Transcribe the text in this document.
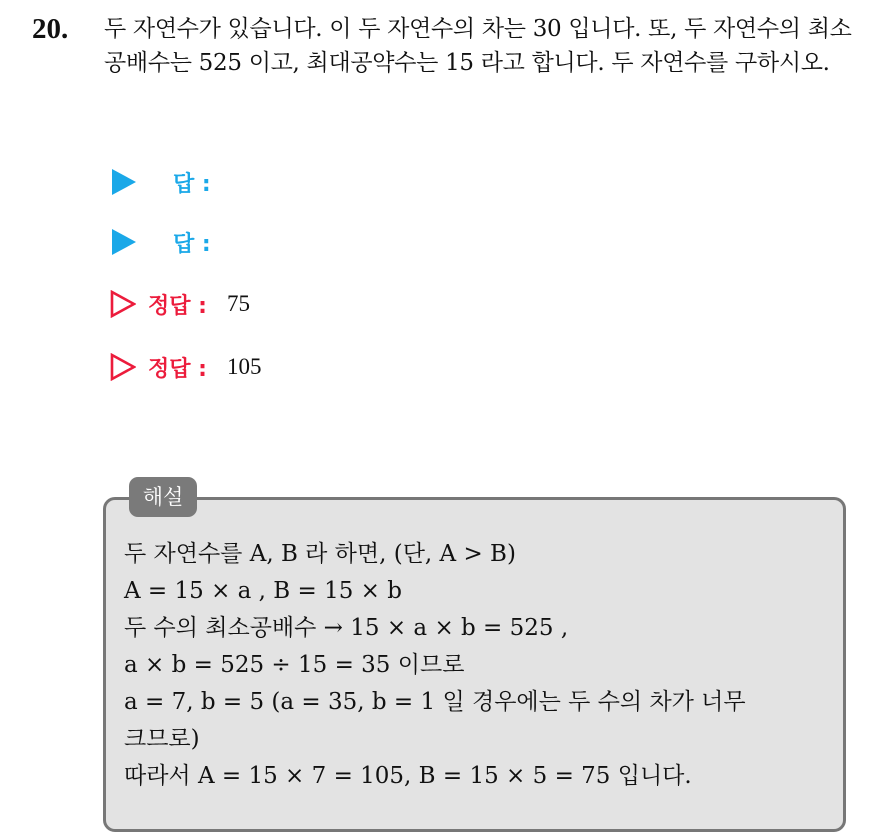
20. 두 자연수가 있습니다. 이 두 자연수의 차는 30 입니다. 또, 두 자연수의 최소공배수는 525 이고, 최대공약수는 15 라고 합니다. 두 자연수를 구하시오.
답 :
답 :
정답 : 75
정답 : 105
해설
두 자연수를 A, B 라 하면, (단, A > B)
A = 15 × a , B = 15 × b
두 수의 최소공배수 → 15 × a × b = 525 ,
a × b = 525 ÷ 15 = 35 이므로
a = 7, b = 5 (a = 35, b = 1 일 경우에는 두 수의 차가 너무
크므로)
따라서 A = 15 × 7 = 105, B = 15 × 5 = 75 입니다.
